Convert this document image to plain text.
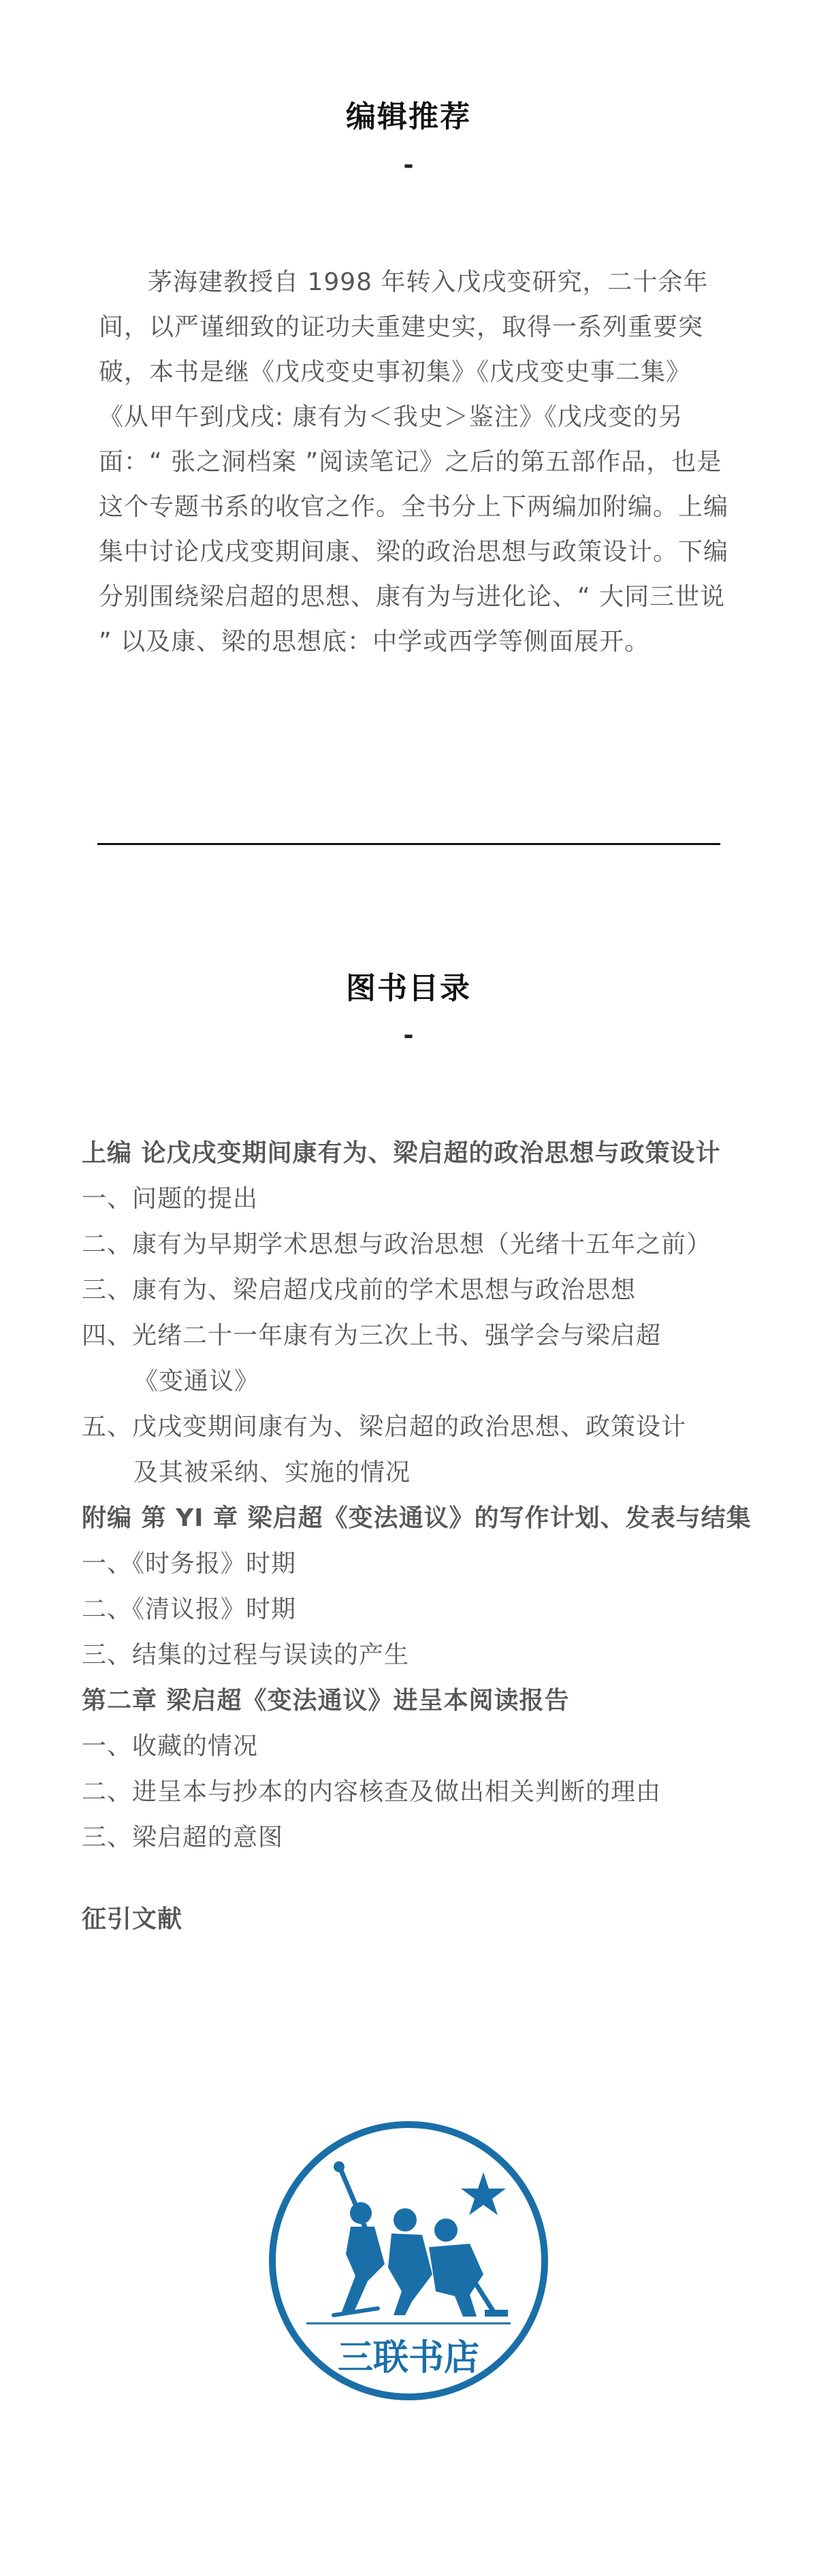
编辑推荐
-

茅海建教授自 1998 年转入戊戌变研究，二十余年间，以严谨细致的证功夫重建史实，取得一系列重要突破，本书是继《戊戌变史事初集》《戊戌变史事二集》《从甲午到戊戌: 康有为＜我史＞鉴注》《戊戌变的另面：“ 张之洞档案 ”阅读笔记》之后的第五部作品，也是这个专题书系的收官之作。全书分上下两编加附编。上编集中讨论戊戌变期间康、梁的政治思想与政策设计。下编分别围绕梁启超的思想、康有为与进化论、“ 大同三世说 ” 以及康、梁的思想底：中学或西学等侧面展开。

图书目录
-
上编 论戊戌变期间康有为、梁启超的政治思想与政策设计
一、问题的提出
二、康有为早期学术思想与政治思想（光绪十五年之前）
三、康有为、梁启超戊戌前的学术思想与政治思想
四、光绪二十一年康有为三次上书、强学会与梁启超
《变通议》
五、戊戌变期间康有为、梁启超的政治思想、政策设计
及其被采纳、实施的情况
附编 第 YI 章 梁启超《变法通议》的写作计划、发表与结集
一、《时务报》时期
二、《清议报》时期
三、结集的过程与误读的产生
第二章 梁启超《变法通议》进呈本阅读报告
一、收藏的情况
二、进呈本与抄本的内容核查及做出相关判断的理由
三、梁启超的意图
征引文献
三联书店
